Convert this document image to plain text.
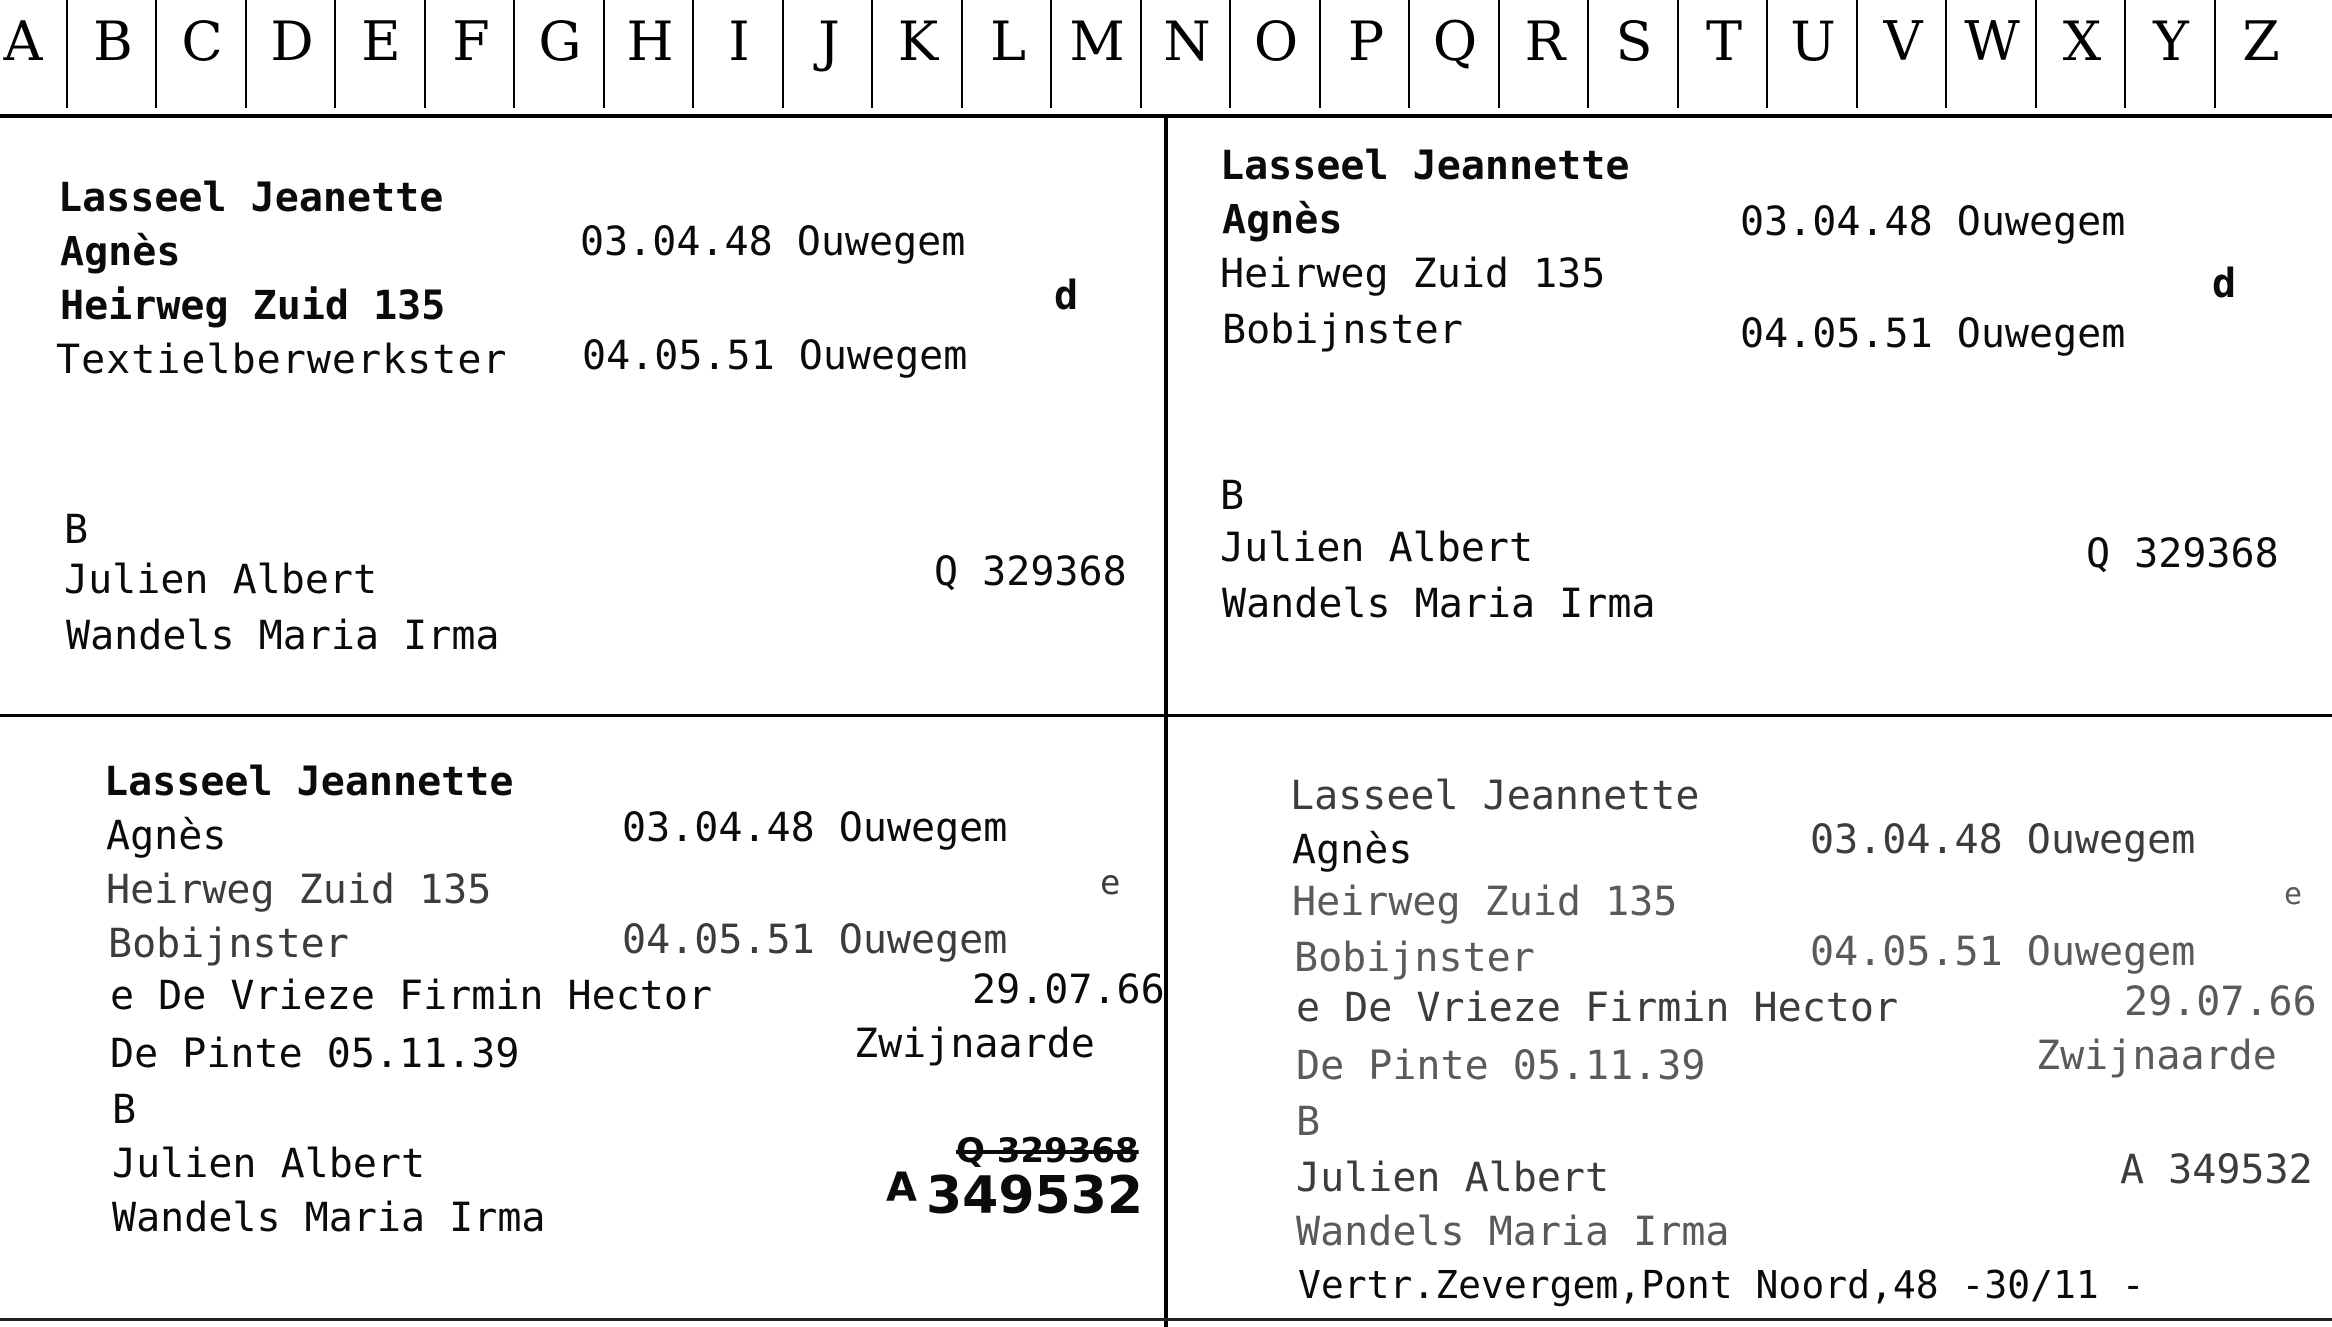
A B C D E F G H	I	J	K L M N O P Q R S T U V W X Y Z
Lasseel Jeanette
Agnès	03.04.48 Ouwegem
Heirweg Zuid 135	d
Textielberwerkster 04.05.51 Ouwegem
B
Julien Albert	Q 329368
Wandels Maria Irma
Lasseel Jeannette
Agnès	03.04.48 Ouwegem
Heirweg Zuid 135	d
Bobijnster	04.05.51 Ouwegem
B
Julien Albert	Q 329368
Wandels Maria Irma
Lasseel Jeannette
Agnès	03.04.48 Ouwegem
Heirweg Zuid 135	e
Bobijnster	04.05.51 Ouwegem
e De Vrieze Firmin Hector	29.07.66
De Pinte 05.11.39	Zwijnaarde
B
Julien Albert	Q 329368
A 349532
Wandels Maria Irma
Lasseel Jeannette
Agnès	03.04.48 Ouwegem
Heirweg Zuid 135	e
Bobijnster	04.05.51 Ouwegem
e De Vrieze Firmin Hector	29.07.66
De Pinte 05.11.39	Zwijnaarde
B
Julien Albert	A 349532
Wandels Maria Irma
Vertr.Zevergem,Pont Noord,48 -30/11 -
